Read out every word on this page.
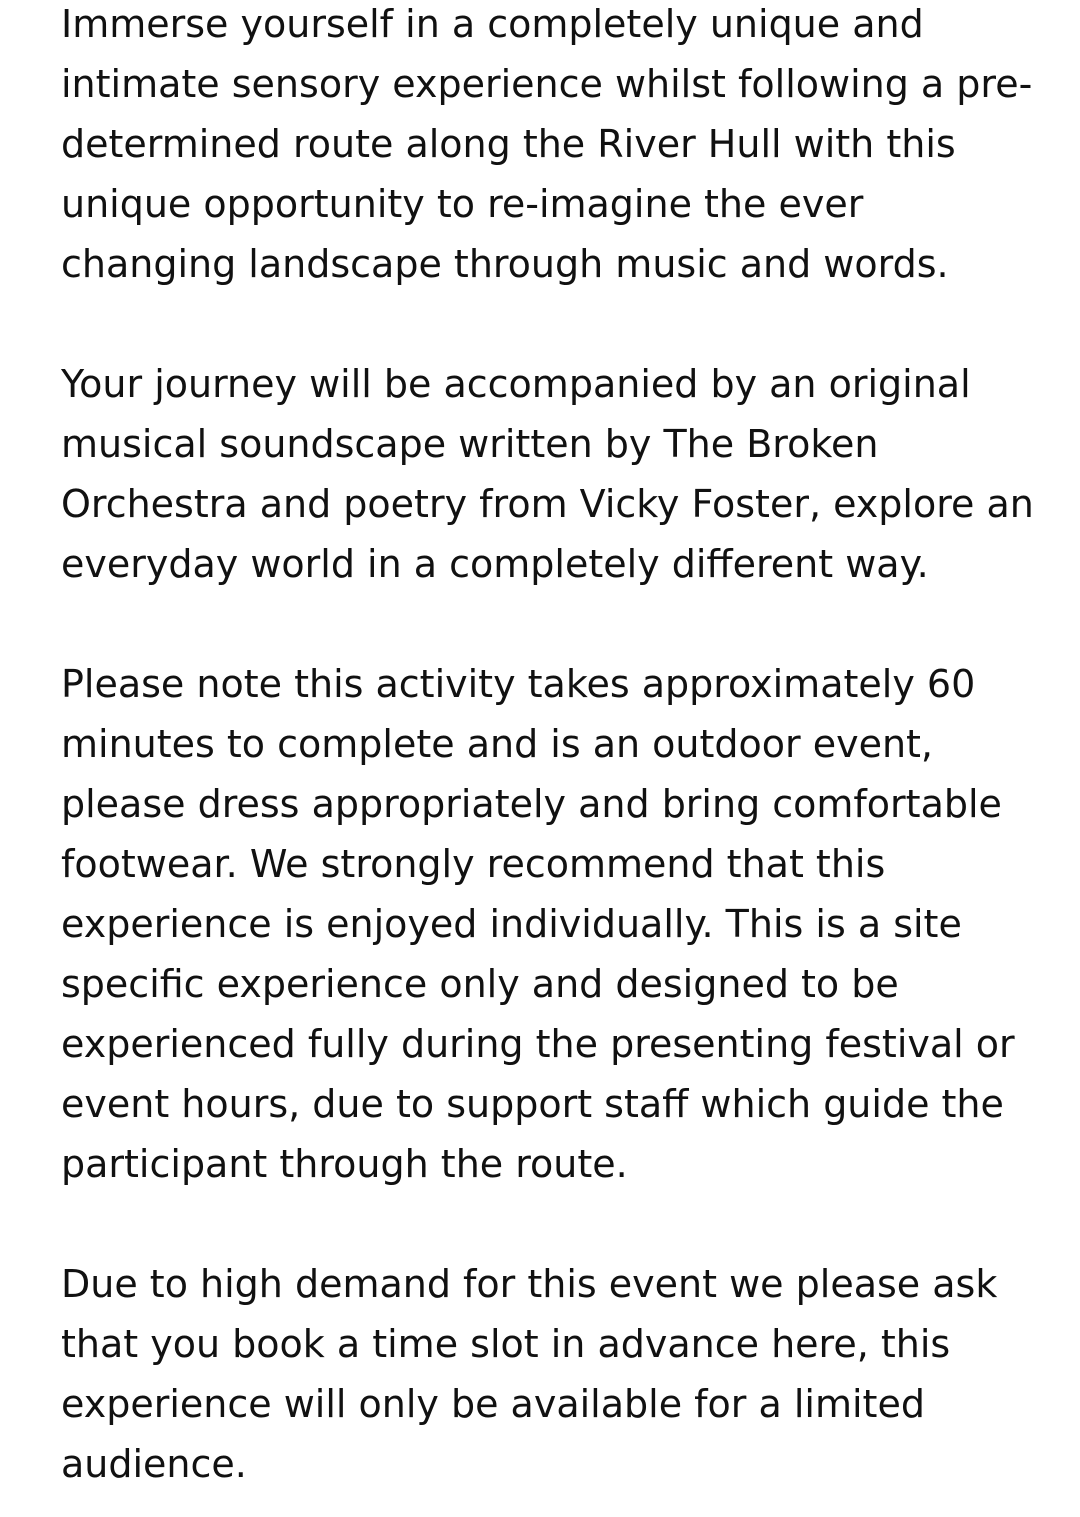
Immerse yourself in a completely unique and
intimate sensory experience whilst following a pre-
determined route along the River Hull with this
unique opportunity to re-imagine the ever
changing landscape through music and words.

Your journey will be accompanied by an original
musical soundscape written by The Broken
Orchestra and poetry from Vicky Foster, explore an
everyday world in a completely different way.

Please note this activity takes approximately 60
minutes to complete and is an outdoor event,
please dress appropriately and bring comfortable
footwear. We strongly recommend that this
experience is enjoyed individually. This is a site
specific experience only and designed to be
experienced fully during the presenting festival or
event hours, due to support staff which guide the
participant through the route.

Due to high demand for this event we please ask
that you book a time slot in advance here, this
experience will only be available for a limited
audience.
